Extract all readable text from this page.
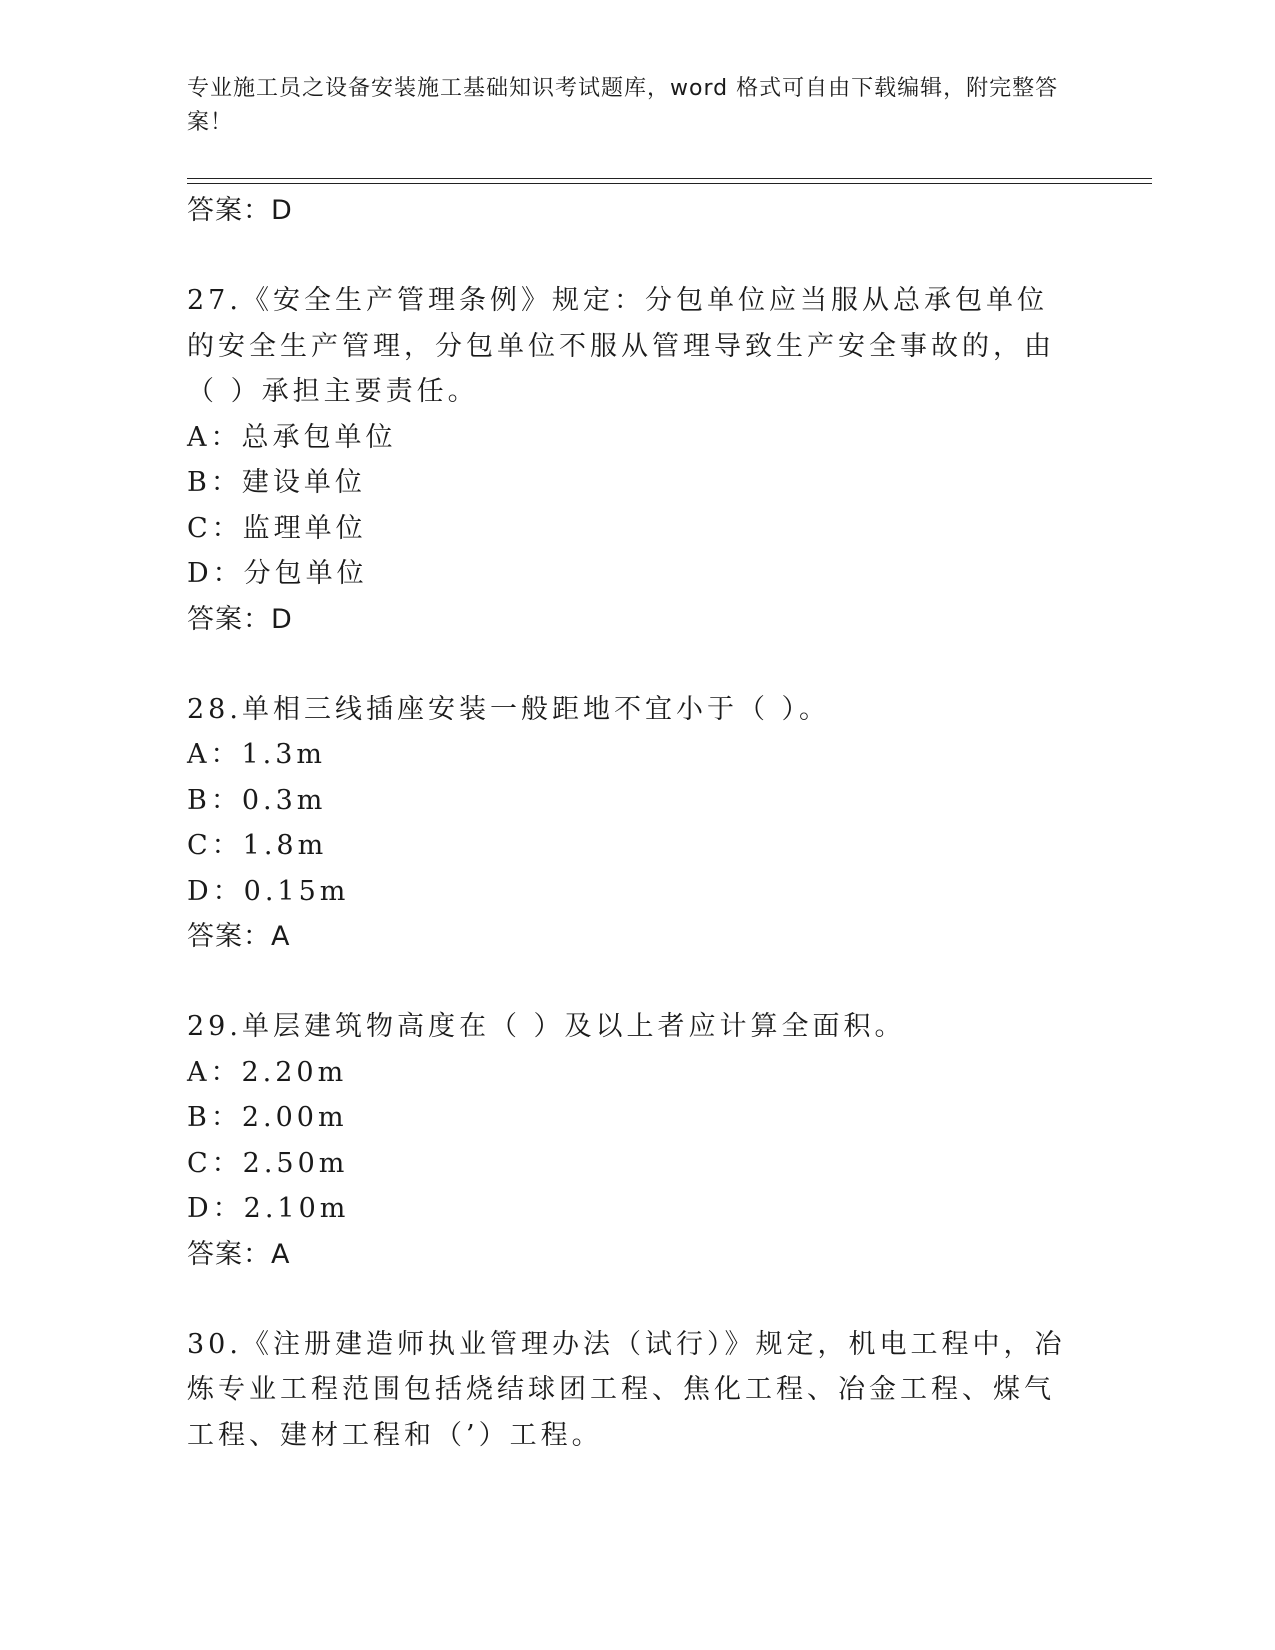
专业施工员之设备安装施工基础知识考试题库，word 格式可自由下载编辑，附完整答案！
答案：D
27.《安全生产管理条例》规定：分包单位应当服从总承包单位的安全生产管理，分包单位不服从管理导致生产安全事故的，由（ ）承担主要责任。
A：总承包单位
B：建设单位
C：监理单位
D：分包单位
答案：D
28.单相三线插座安装一般距地不宜小于（ ）。
A：1.3m
B：0.3m
C：1.8m
D：0.15m
答案：A
29.单层建筑物高度在（ ）及以上者应计算全面积。
A：2.20m
B：2.00m
C：2.50m
D：2.10m
答案：A
30.《注册建造师执业管理办法（试行）》规定，机电工程中，冶炼专业工程范围包括烧结球团工程、焦化工程、冶金工程、煤气工程、建材工程和（’）工程。
